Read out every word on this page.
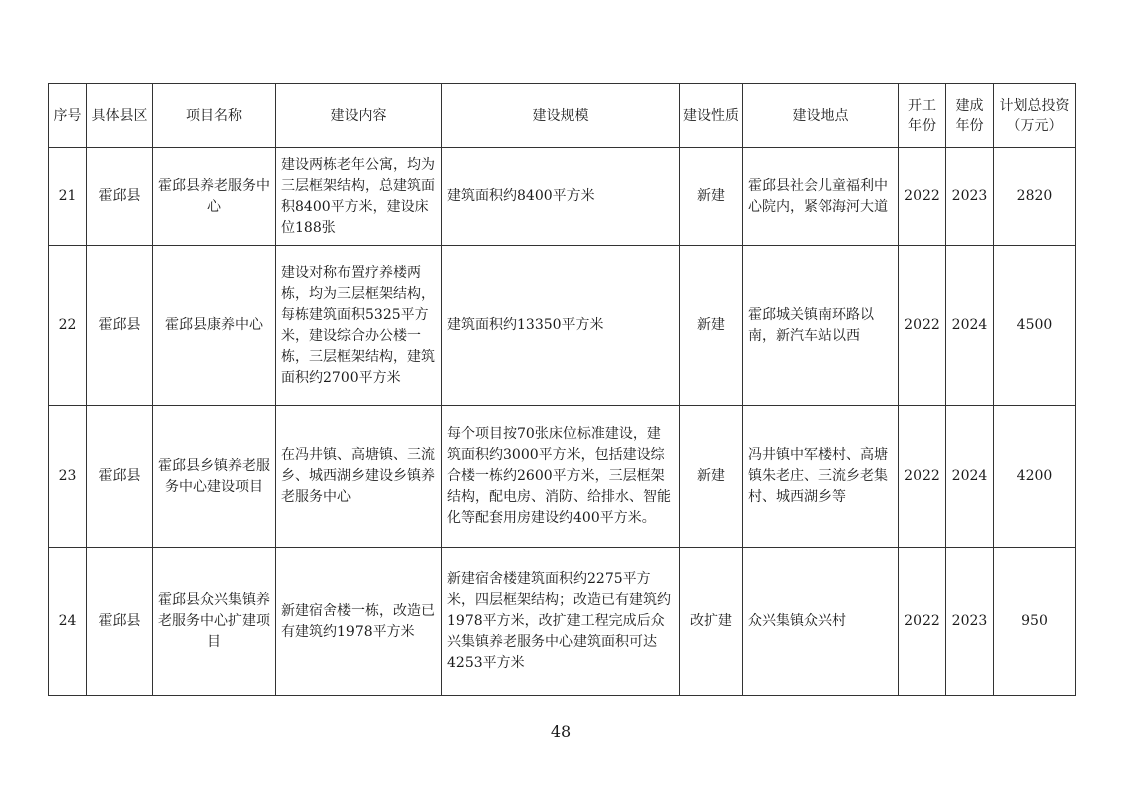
序号	具体县区	项目名称	建设内容	建设规模	建设性质	建设地点	开工年份	建成年份	计划总投资（万元）
21	霍邱县	霍邱县养老服务中心	建设两栋老年公寓，均为三层框架结构，总建筑面积8400平方米，建设床位188张	建筑面积约8400平方米	新建	霍邱县社会儿童福利中心院内，紧邻海河大道	2022	2023	2820
22	霍邱县	霍邱县康养中心	建设对称布置疗养楼两栋，均为三层框架结构，每栋建筑面积5325平方米，建设综合办公楼一栋，三层框架结构，建筑面积约2700平方米	建筑面积约13350平方米	新建	霍邱城关镇南环路以南，新汽车站以西	2022	2024	4500
23	霍邱县	霍邱县乡镇养老服务中心建设项目	在冯井镇、高塘镇、三流乡、城西湖乡建设乡镇养老服务中心	每个项目按70张床位标准建设，建筑面积约3000平方米，包括建设综合楼一栋约2600平方米，三层框架结构，配电房、消防、给排水、智能化等配套用房建设约400平方米。	新建	冯井镇中军楼村、高塘镇朱老庄、三流乡老集村、城西湖乡等	2022	2024	4200
24	霍邱县	霍邱县众兴集镇养老服务中心扩建项目	新建宿舍楼一栋，改造已有建筑约1978平方米	新建宿舍楼建筑面积约2275平方米，四层框架结构；改造已有建筑约1978平方米，改扩建工程完成后众兴集镇养老服务中心建筑面积可达4253平方米	改扩建	众兴集镇众兴村	2022	2023	950
48
